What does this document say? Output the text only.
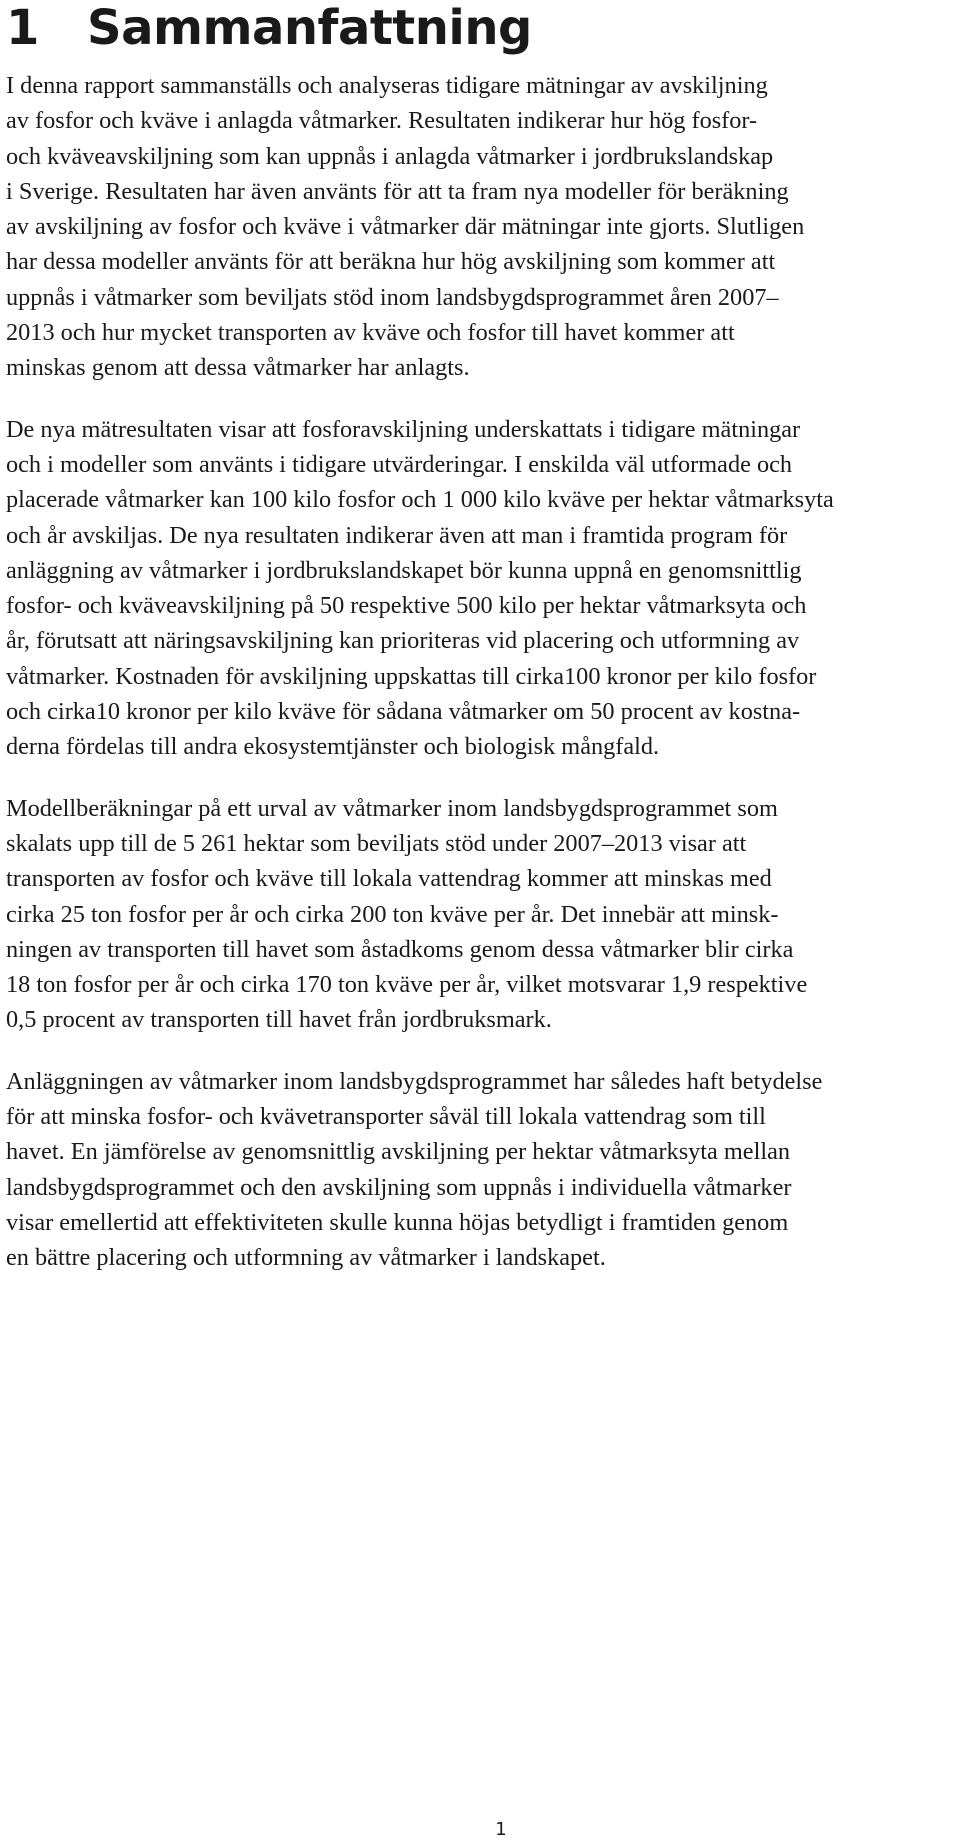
1 Sammanfattning

I denna rapport sammanställs och analyseras tidigare mätningar av avskiljning
av fosfor och kväve i anlagda våtmarker. Resultaten indikerar hur hög fosfor-
och kväveavskiljning som kan uppnås i anlagda våtmarker i jordbrukslandskap
i Sverige. Resultaten har även använts för att ta fram nya modeller för beräkning
av avskiljning av fosfor och kväve i våtmarker där mätningar inte gjorts. Slutligen
har dessa modeller använts för att beräkna hur hög avskiljning som kommer att
uppnås i våtmarker som beviljats stöd inom landsbygdsprogrammet åren 2007–
2013 och hur mycket transporten av kväve och fosfor till havet kommer att
minskas genom att dessa våtmarker har anlagts.

De nya mätresultaten visar att fosforavskiljning underskattats i tidigare mätningar
och i modeller som använts i tidigare utvärderingar. I enskilda väl utformade och
placerade våtmarker kan 100 kilo fosfor och 1 000 kilo kväve per hektar våtmarksyta
och år avskiljas. De nya resultaten indikerar även att man i framtida program för
anläggning av våtmarker i jordbrukslandskapet bör kunna uppnå en genomsnittlig
fosfor- och kväveavskiljning på 50 respektive 500 kilo per hektar våtmarksyta och
år, förutsatt att näringsavskiljning kan prioriteras vid placering och utformning av
våtmarker. Kostnaden för avskiljning uppskattas till cirka100 kronor per kilo fosfor
och cirka10 kronor per kilo kväve för sådana våtmarker om 50 procent av kostna-
derna fördelas till andra ekosystemtjänster och biologisk mångfald.

Modellberäkningar på ett urval av våtmarker inom landsbygdsprogrammet som
skalats upp till de 5 261 hektar som beviljats stöd under 2007–2013 visar att
transporten av fosfor och kväve till lokala vattendrag kommer att minskas med
cirka 25 ton fosfor per år och cirka 200 ton kväve per år. Det innebär att minsk-
ningen av transporten till havet som åstadkoms genom dessa våtmarker blir cirka
18 ton fosfor per år och cirka 170 ton kväve per år, vilket motsvarar 1,9 respektive
0,5 procent av transporten till havet från jordbruksmark.

Anläggningen av våtmarker inom landsbygdsprogrammet har således haft betydelse
för att minska fosfor- och kvävetransporter såväl till lokala vattendrag som till
havet. En jämförelse av genomsnittlig avskiljning per hektar våtmarksyta mellan
landsbygdsprogrammet och den avskiljning som uppnås i individuella våtmarker
visar emellertid att effektiviteten skulle kunna höjas betydligt i framtiden genom
en bättre placering och utformning av våtmarker i landskapet.

1
